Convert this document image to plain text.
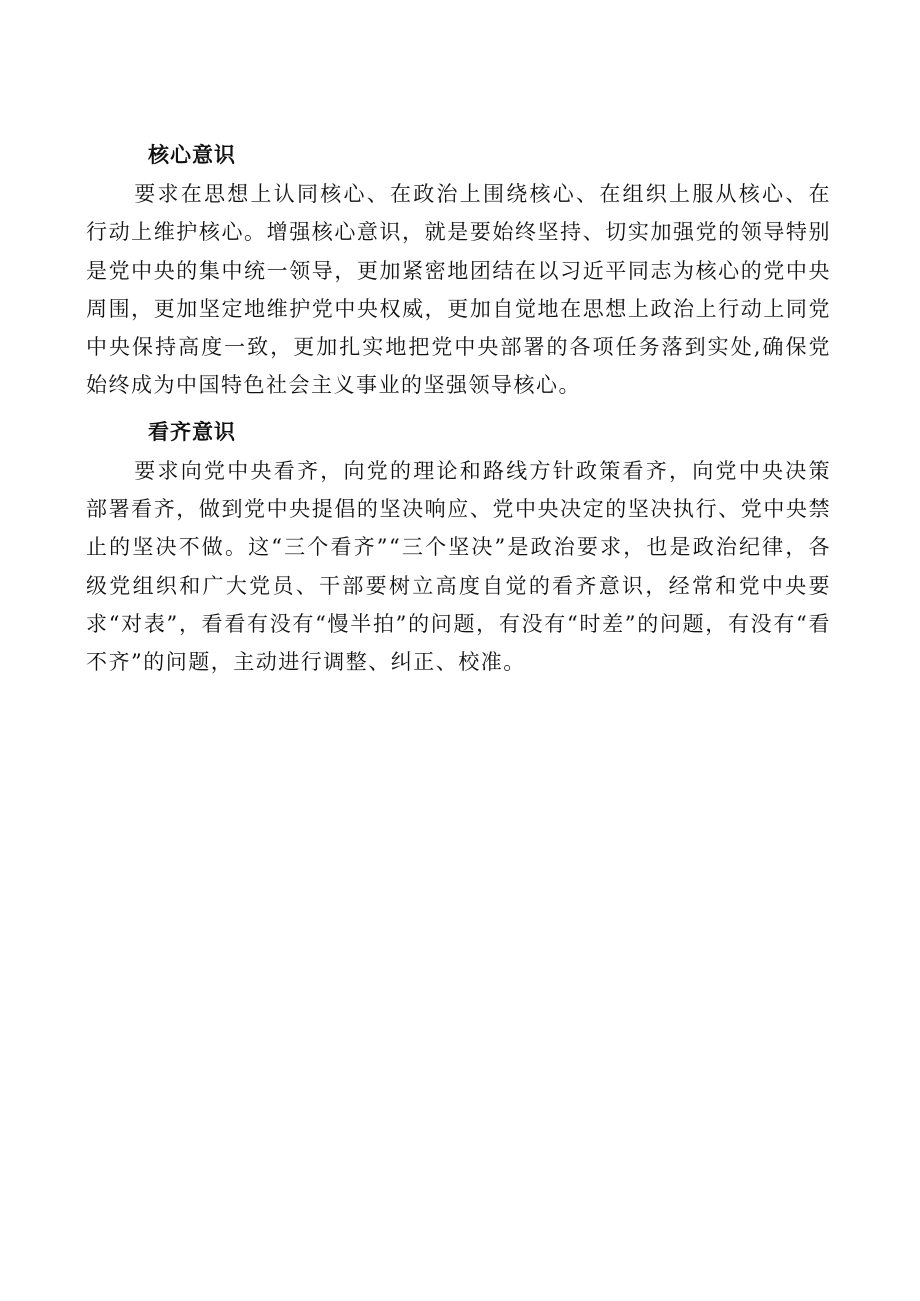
核心意识

要求在思想上认同核心、在政治上围绕核心、在组织上服从核心、在行动上维护核心。增强核心意识，就是要始终坚持、切实加强党的领导特别是党中央的集中统一领导，更加紧密地团结在以习近平同志为核心的党中央周围，更加坚定地维护党中央权威，更加自觉地在思想上政治上行动上同党中央保持高度一致，更加扎实地把党中央部署的各项任务落到实处,确保党始终成为中国特色社会主义事业的坚强领导核心。

看齐意识

要求向党中央看齐，向党的理论和路线方针政策看齐，向党中央决策部署看齐，做到党中央提倡的坚决响应、党中央决定的坚决执行、党中央禁止的坚决不做。这“三个看齐”“三个坚决”是政治要求，也是政治纪律，各级党组织和广大党员、干部要树立高度自觉的看齐意识，经常和党中央要求“对表”，看看有没有“慢半拍”的问题，有没有“时差”的问题，有没有“看不齐”的问题，主动进行调整、纠正、校准。
